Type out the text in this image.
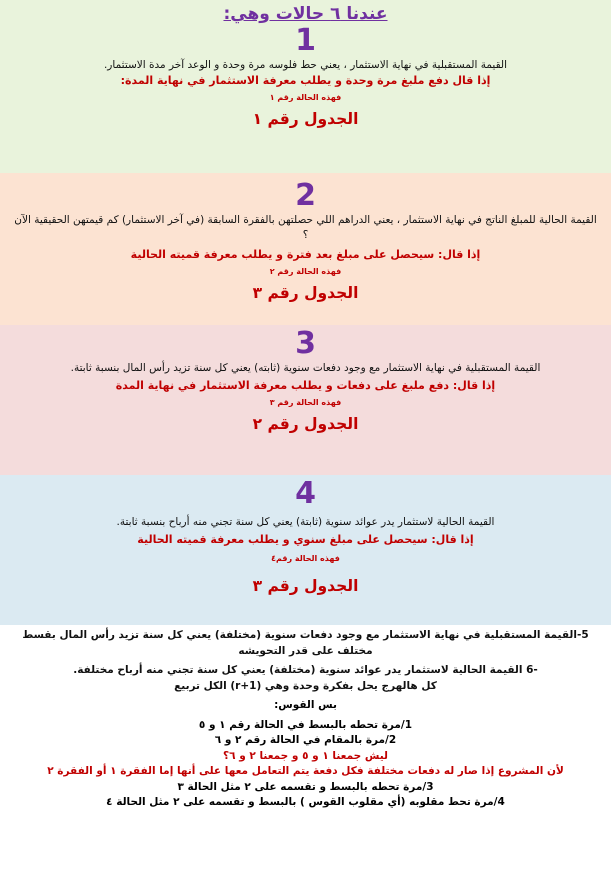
عندنا ٦ حالات وهي:
1
القيمة المستقبلية في نهاية الاستثمار ، يعني حط فلوسه مرة وحدة و الوعد آخر مدة الاستثمار.
إذا قال دفع ملبغ مرة وحدة و يطلب معرفة الاستثمار في نهاية المدة:
فهذه الحالة رقم ١
الجدول رقم ١
2
القيمة الحالية للمبلغ الناتج في نهاية الاستثمار ، يعني الدراهم اللي حصلتهن بالفقرة السابقة (في آخر الاستثمار) كم قيمتهن الحقيقية الآن ؟
إذا قال: سيحصل على مبلغ بعد فترة و يطلب معرفة قميته الحالية
فهذه الحالة رقم ٢
الجدول رقم ٣
3
القيمة المستقبلية في نهاية الاستثمار مع وجود دفعات سنوية (ثابته) يعني كل سنة تزيد رأس المال بنسبة ثابتة.
إذا قال: دفع ملبغ على دفعات و يطلب معرفة الاستثمار في نهاية المدة
فهذه الحالة رقم ٣
الجدول رقم ٢
4
القيمة الحالية لاستثمار يدر عوائد سنوية (ثابتة) يعني كل سنة تجني منه أرباح بنسبة ثابتة.
إذا قال: سيحصل على مبلغ سنوي و يطلب معرفة قميته الحالية
فهذه الحالة رقم٤
الجدول رقم ٣
5-القيمة المستقبلية في نهاية الاستثمار مع وجود دفعات سنوية (مختلفة) يعني كل سنة تزيد رأس المال بقسط مختلف على قدر التحويشه
-6 القيمة الحالية لاستثمار يدر عوائد سنوية (مختلفة) يعني كل سنة تجني منه أرباح مختلفة.
كل هالهرج يحل بفكرة وحدة وهي (r+1) الكل تربيع
بس القوس:
1/مرة تحطه بالبسط في الحالة رقم ١ و ٥
2/مرة بالمقام في الحالة رقم ٢ و ٦
ليش جمعنا ١ و ٥ و جمعنا ٢ و ٦؟
لأن المشروع إذا صار له دفعات مختلفة فكل دفعة يتم التعامل معها على أنها إما الفقرة ١ أو الفقرة ٢
3/مرة تحطه بالبسط و تقسمه على ٢ مثل الحالة ٣
4/مرة تحط مقلوبه (أي مقلوب القوس ) بالبسط و تقسمه على ٢ مثل الحالة ٤
